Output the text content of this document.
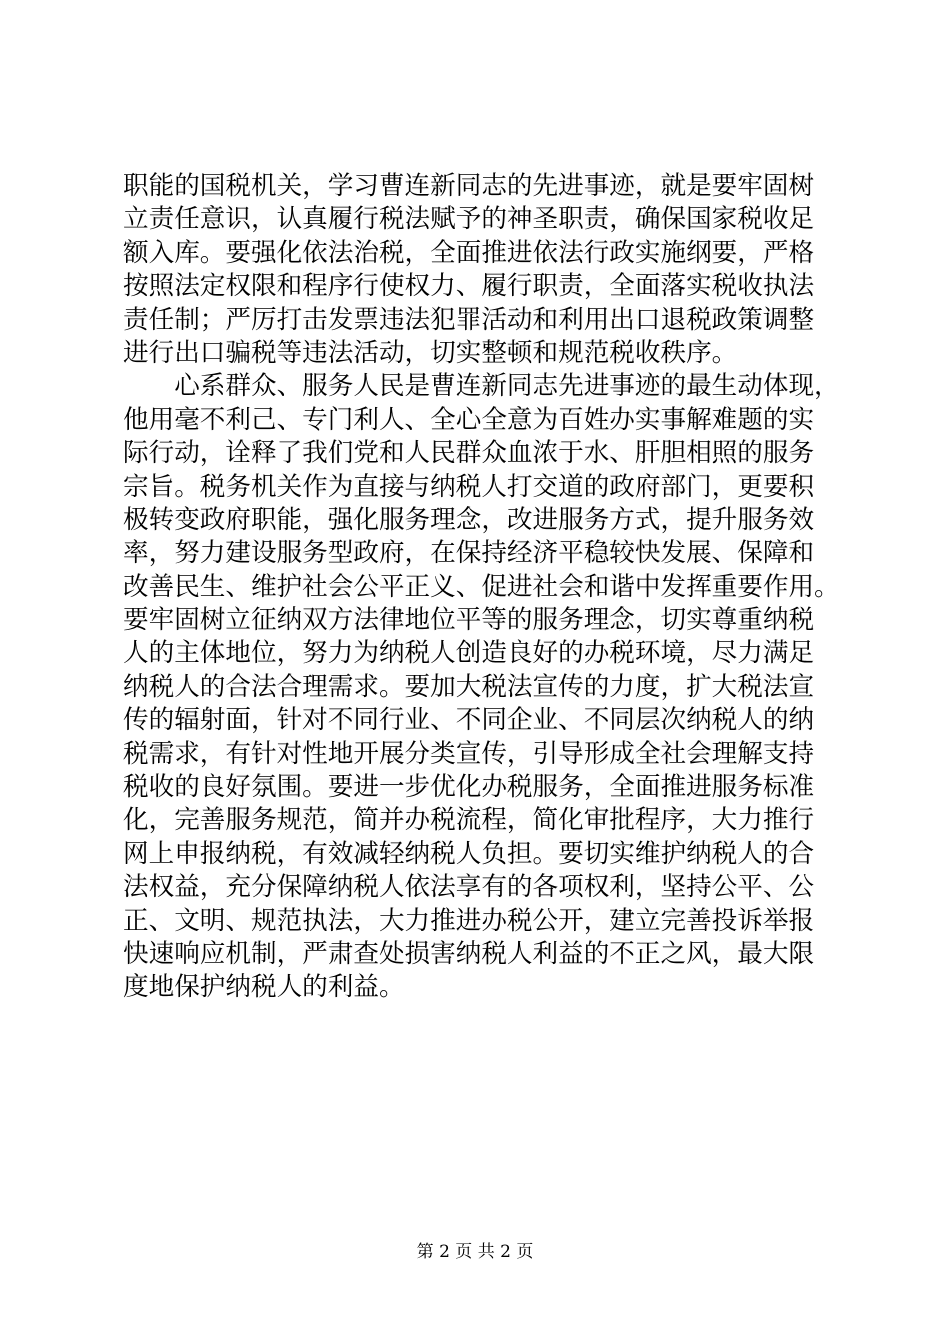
职能的国税机关，学习曹连新同志的先进事迹，就是要牢固树
立责任意识，认真履行税法赋予的神圣职责，确保国家税收足
额入库。要强化依法治税，全面推进依法行政实施纲要，严格
按照法定权限和程序行使权力、履行职责，全面落实税收执法
责任制；严厉打击发票违法犯罪活动和利用出口退税政策调整
进行出口骗税等违法活动，切实整顿和规范税收秩序。
　　心系群众、服务人民是曹连新同志先进事迹的最生动体现，
他用毫不利己、专门利人、全心全意为百姓办实事解难题的实
际行动，诠释了我们党和人民群众血浓于水、肝胆相照的服务
宗旨。税务机关作为直接与纳税人打交道的政府部门，更要积
极转变政府职能，强化服务理念，改进服务方式，提升服务效
率，努力建设服务型政府，在保持经济平稳较快发展、保障和
改善民生、维护社会公平正义、促进社会和谐中发挥重要作用。
要牢固树立征纳双方法律地位平等的服务理念，切实尊重纳税
人的主体地位，努力为纳税人创造良好的办税环境，尽力满足
纳税人的合法合理需求。要加大税法宣传的力度，扩大税法宣
传的辐射面，针对不同行业、不同企业、不同层次纳税人的纳
税需求，有针对性地开展分类宣传，引导形成全社会理解支持
税收的良好氛围。要进一步优化办税服务，全面推进服务标准
化，完善服务规范，简并办税流程，简化审批程序，大力推行
网上申报纳税，有效减轻纳税人负担。要切实维护纳税人的合
法权益，充分保障纳税人依法享有的各项权利，坚持公平、公
正、文明、规范执法，大力推进办税公开，建立完善投诉举报
快速响应机制，严肃查处损害纳税人利益的不正之风，最大限
度地保护纳税人的利益。
第 2 页 共 2 页
